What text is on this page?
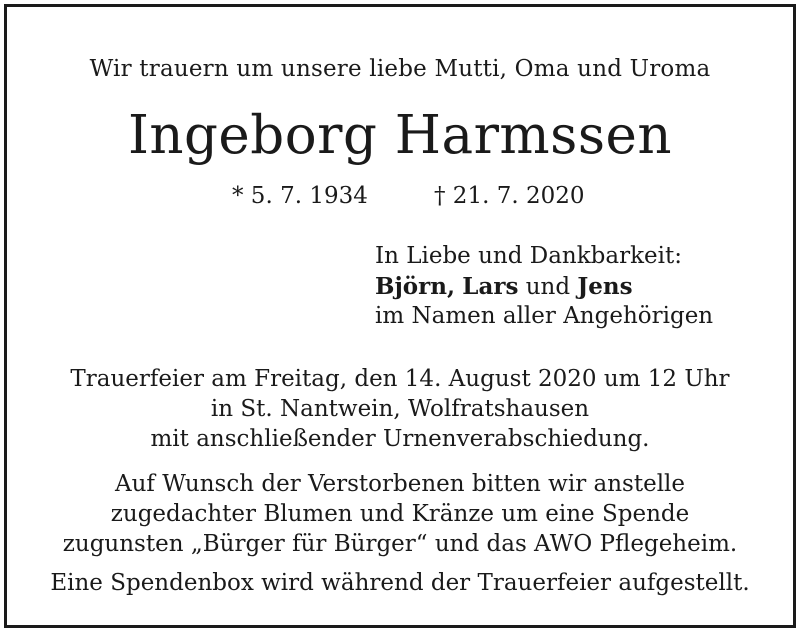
Wir trauern um unsere liebe Mutti, Oma und Uroma
Ingeborg Harmssen
* 5. 7. 1934	† 21. 7. 2020
In Liebe und Dankbarkeit:
Björn, Lars und Jens
im Namen aller Angehörigen
Trauerfeier am Freitag, den 14. August 2020 um 12 Uhr
in St. Nantwein, Wolfratshausen
mit anschließender Urnenverabschiedung.
Auf Wunsch der Verstorbenen bitten wir anstelle
zugedachter Blumen und Kränze um eine Spende
zugunsten „Bürger für Bürger“ und das AWO Pflegeheim.
Eine Spendenbox wird während der Trauerfeier aufgestellt.
